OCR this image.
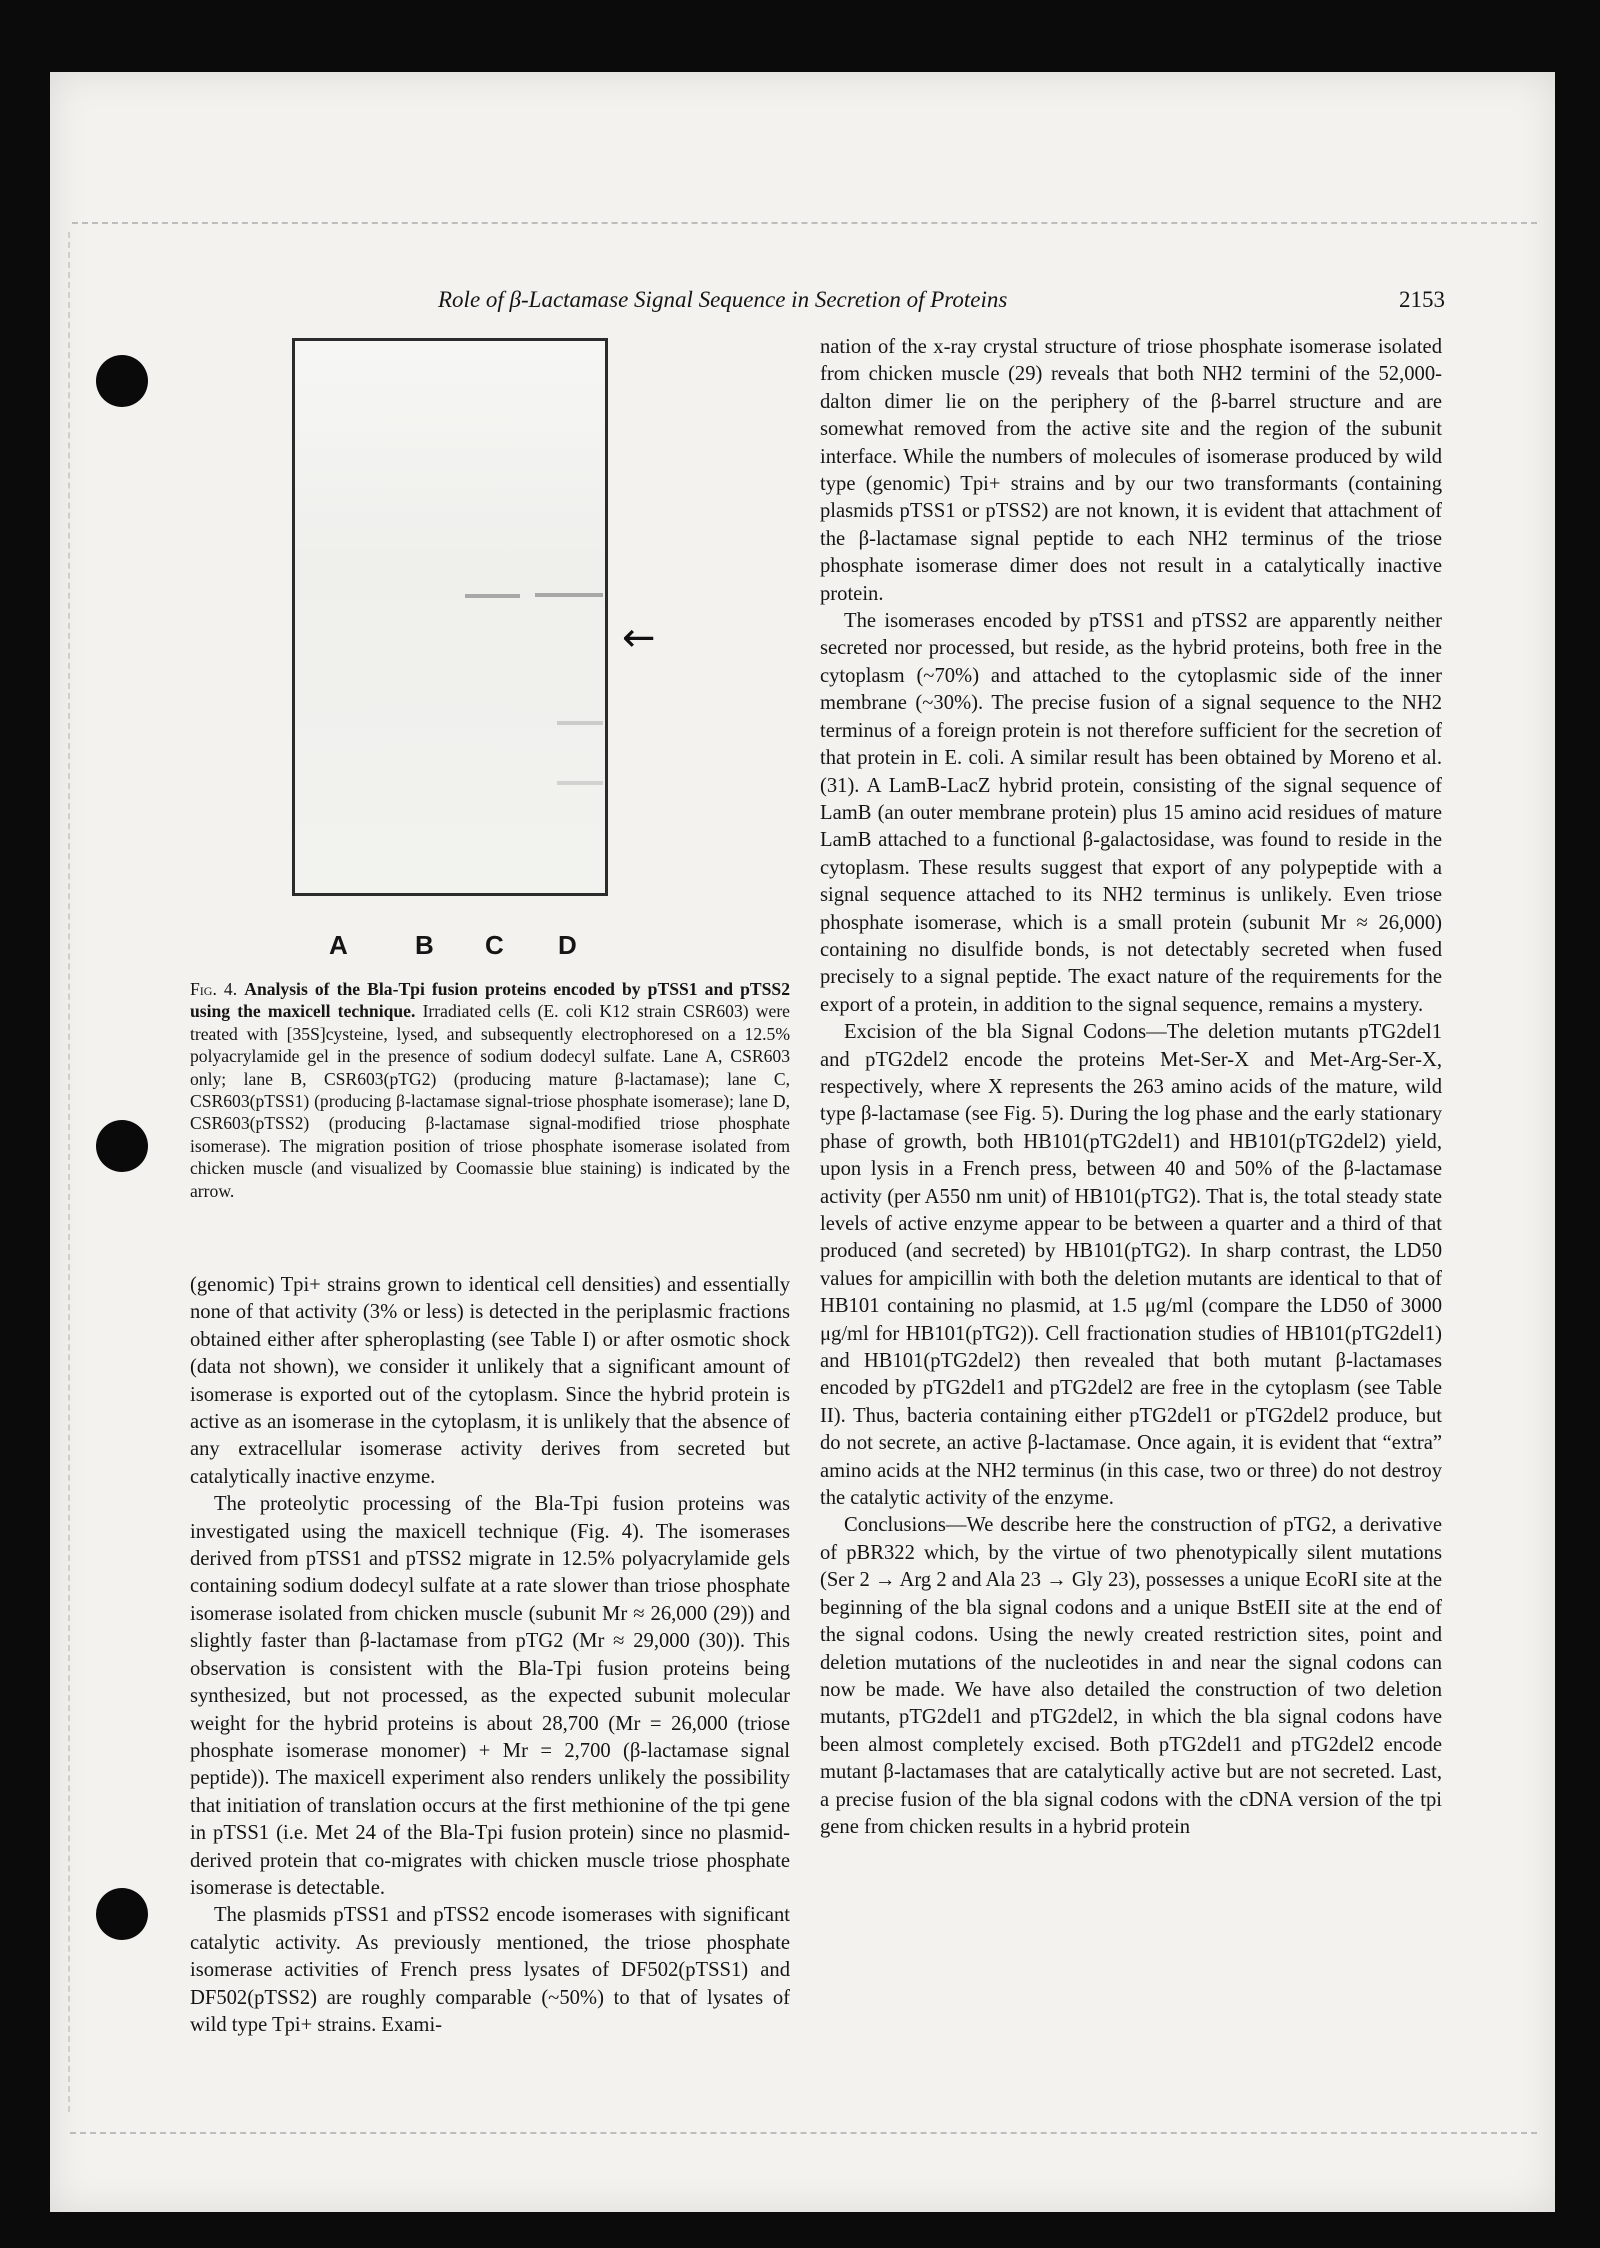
Role of β-Lactamase Signal Sequence in Secretion of Proteins	2153
←
A	B C D
Fig. 4. Analysis of the Bla-Tpi fusion proteins encoded by pTSS1 and pTSS2 using the maxicell technique. Irradiated cells (E. coli K12 strain CSR603) were treated with [35S]cysteine, lysed, and subsequently electrophoresed on a 12.5% polyacrylamide gel in the presence of sodium dodecyl sulfate. Lane A, CSR603 only; lane B, CSR603(pTG2) (producing mature β-lactamase); lane C, CSR603(pTSS1) (producing β-lactamase signal-triose phosphate isomerase); lane D, CSR603(pTSS2) (producing β-lactamase signal-modified triose phosphate isomerase). The migration position of triose phosphate isomerase isolated from chicken muscle (and visualized by Coomassie blue staining) is indicated by the arrow.

(genomic) Tpi+ strains grown to identical cell densities) and essentially none of that activity (3% or less) is detected in the periplasmic fractions obtained either after spheroplasting (see Table I) or after osmotic shock (data not shown), we consider it unlikely that a significant amount of isomerase is exported out of the cytoplasm. Since the hybrid protein is active as an isomerase in the cytoplasm, it is unlikely that the absence of any extracellular isomerase activity derives from secreted but catalytically inactive enzyme.

The proteolytic processing of the Bla-Tpi fusion proteins was investigated using the maxicell technique (Fig. 4). The isomerases derived from pTSS1 and pTSS2 migrate in 12.5% polyacrylamide gels containing sodium dodecyl sulfate at a rate slower than triose phosphate isomerase isolated from chicken muscle (subunit Mr ≈ 26,000 (29)) and slightly faster than β-lactamase from pTG2 (Mr ≈ 29,000 (30)). This observation is consistent with the Bla-Tpi fusion proteins being synthesized, but not processed, as the expected subunit molecular weight for the hybrid proteins is about 28,700 (Mr = 26,000 (triose phosphate isomerase monomer) + Mr = 2,700 (β-lactamase signal peptide)). The maxicell experiment also renders unlikely the possibility that initiation of translation occurs at the first methionine of the tpi gene in pTSS1 (i.e. Met 24 of the Bla-Tpi fusion protein) since no plasmid-derived protein that co-migrates with chicken muscle triose phosphate isomerase is detectable.

The plasmids pTSS1 and pTSS2 encode isomerases with significant catalytic activity. As previously mentioned, the triose phosphate isomerase activities of French press lysates of DF502(pTSS1) and DF502(pTSS2) are roughly comparable (~50%) to that of lysates of wild type Tpi+ strains. Exami-

nation of the x-ray crystal structure of triose phosphate isomerase isolated from chicken muscle (29) reveals that both NH2 termini of the 52,000-dalton dimer lie on the periphery of the β-barrel structure and are somewhat removed from the active site and the region of the subunit interface. While the numbers of molecules of isomerase produced by wild type (genomic) Tpi+ strains and by our two transformants (containing plasmids pTSS1 or pTSS2) are not known, it is evident that attachment of the β-lactamase signal peptide to each NH2 terminus of the triose phosphate isomerase dimer does not result in a catalytically inactive protein.

The isomerases encoded by pTSS1 and pTSS2 are apparently neither secreted nor processed, but reside, as the hybrid proteins, both free in the cytoplasm (~70%) and attached to the cytoplasmic side of the inner membrane (~30%). The precise fusion of a signal sequence to the NH2 terminus of a foreign protein is not therefore sufficient for the secretion of that protein in E. coli. A similar result has been obtained by Moreno et al. (31). A LamB-LacZ hybrid protein, consisting of the signal sequence of LamB (an outer membrane protein) plus 15 amino acid residues of mature LamB attached to a functional β-galactosidase, was found to reside in the cytoplasm. These results suggest that export of any polypeptide with a signal sequence attached to its NH2 terminus is unlikely. Even triose phosphate isomerase, which is a small protein (subunit Mr ≈ 26,000) containing no disulfide bonds, is not detectably secreted when fused precisely to a signal peptide. The exact nature of the requirements for the export of a protein, in addition to the signal sequence, remains a mystery.

Excision of the bla Signal Codons—The deletion mutants pTG2del1 and pTG2del2 encode the proteins Met-Ser-X and Met-Arg-Ser-X, respectively, where X represents the 263 amino acids of the mature, wild type β-lactamase (see Fig. 5). During the log phase and the early stationary phase of growth, both HB101(pTG2del1) and HB101(pTG2del2) yield, upon lysis in a French press, between 40 and 50% of the β-lactamase activity (per A550 nm unit) of HB101(pTG2). That is, the total steady state levels of active enzyme appear to be between a quarter and a third of that produced (and secreted) by HB101(pTG2). In sharp contrast, the LD50 values for ampicillin with both the deletion mutants are identical to that of HB101 containing no plasmid, at 1.5 μg/ml (compare the LD50 of 3000 μg/ml for HB101(pTG2)). Cell fractionation studies of HB101(pTG2del1) and HB101(pTG2del2) then revealed that both mutant β-lactamases encoded by pTG2del1 and pTG2del2 are free in the cytoplasm (see Table II). Thus, bacteria containing either pTG2del1 or pTG2del2 produce, but do not secrete, an active β-lactamase. Once again, it is evident that “extra” amino acids at the NH2 terminus (in this case, two or three) do not destroy the catalytic activity of the enzyme.

Conclusions—We describe here the construction of pTG2, a derivative of pBR322 which, by the virtue of two phenotypically silent mutations (Ser 2 → Arg 2 and Ala 23 → Gly 23), possesses a unique EcoRI site at the beginning of the bla signal codons and a unique BstEII site at the end of the signal codons. Using the newly created restriction sites, point and deletion mutations of the nucleotides in and near the signal codons can now be made. We have also detailed the construction of two deletion mutants, pTG2del1 and pTG2del2, in which the bla signal codons have been almost completely excised. Both pTG2del1 and pTG2del2 encode mutant β-lactamases that are catalytically active but are not secreted. Last, a precise fusion of the bla signal codons with the cDNA version of the tpi gene from chicken results in a hybrid protein
